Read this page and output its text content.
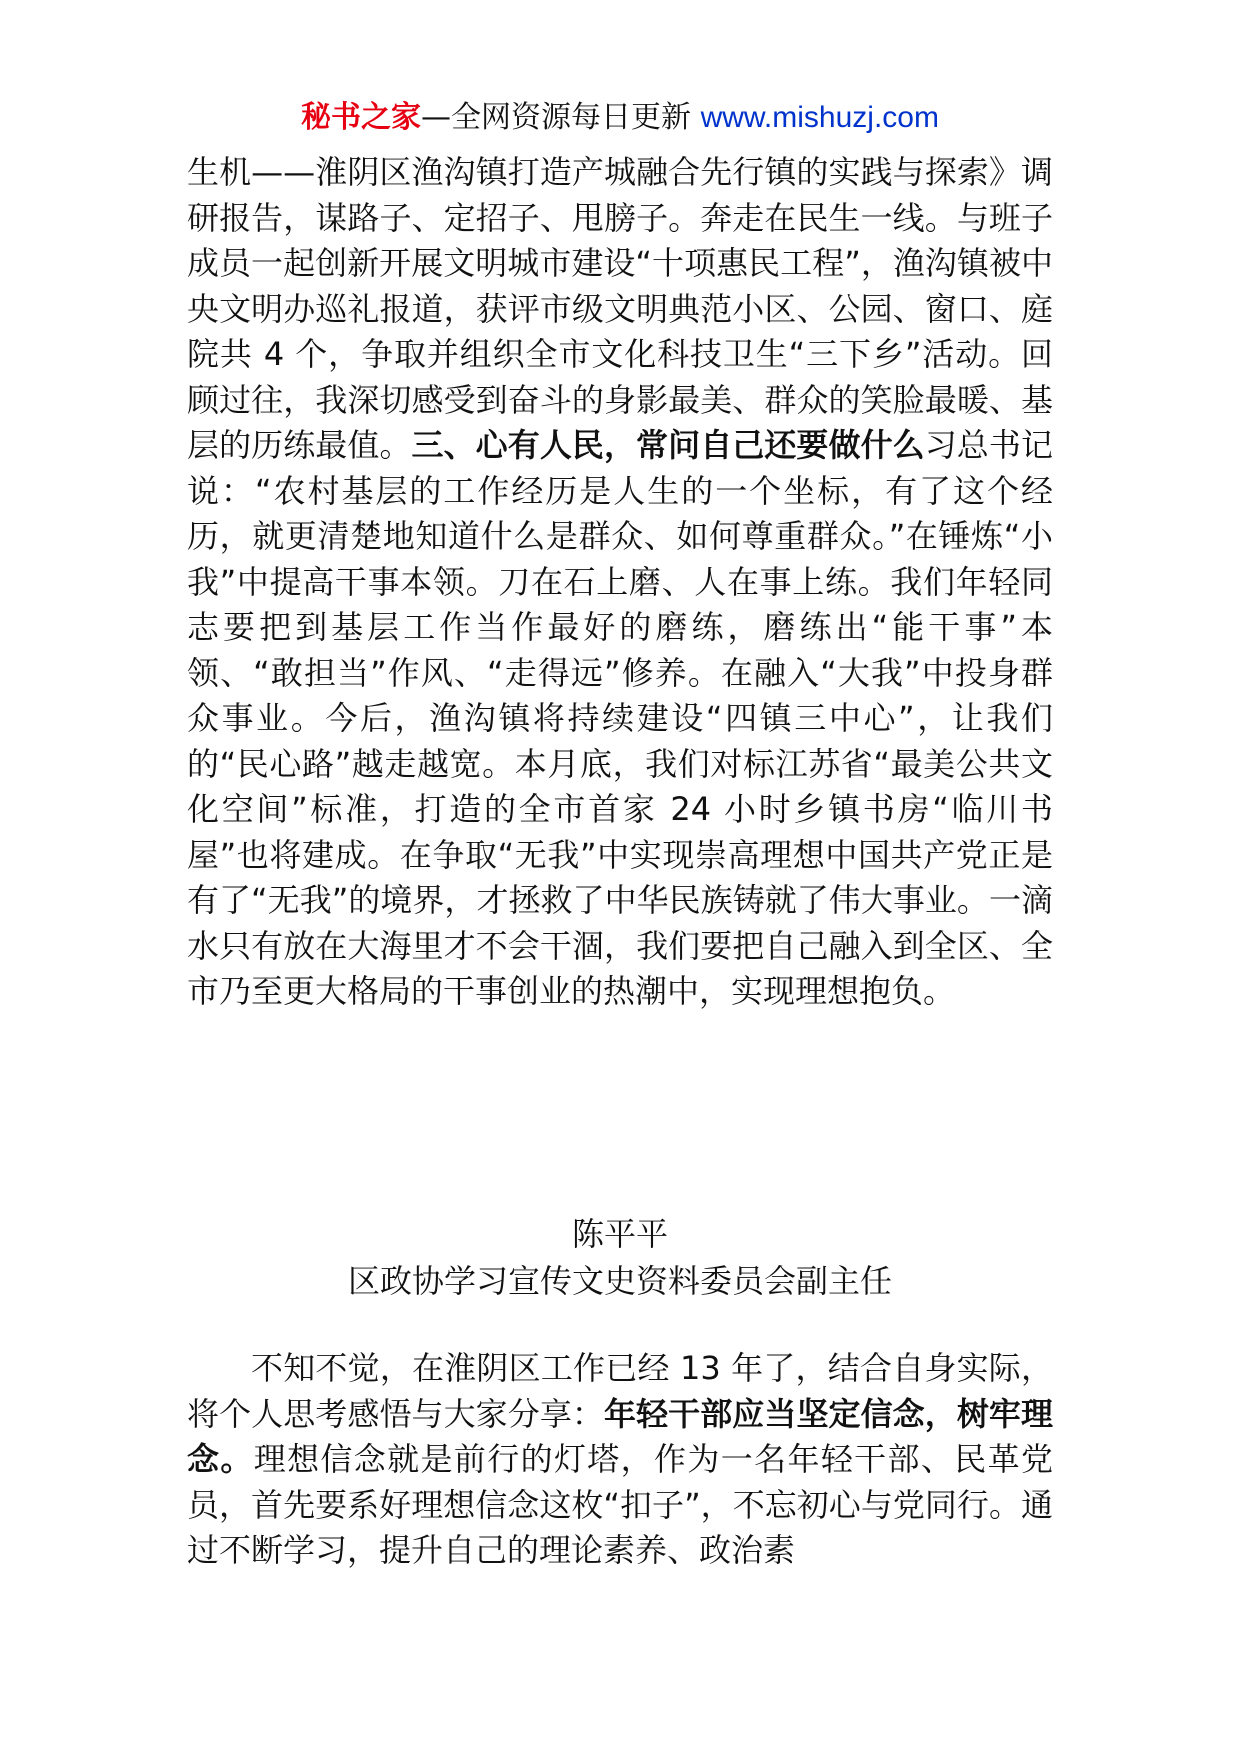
秘书之家—全网资源每日更新 www.mishuzj.com

生机——淮阴区渔沟镇打造产城融合先行镇的实践与探索》调研报告，谋路子、定招子、甩膀子。奔走在民生一线。与班子成员一起创新开展文明城市建设“十项惠民工程”，渔沟镇被中央文明办巡礼报道，获评市级文明典范小区、公园、窗口、庭院共 4 个，争取并组织全市文化科技卫生“三下乡”活动。回顾过往，我深切感受到奋斗的身影最美、群众的笑脸最暖、基层的历练最值。三、心有人民，常问自己还要做什么习总书记说：“农村基层的工作经历是人生的一个坐标，有了这个经历，就更清楚地知道什么是群众、如何尊重群众。”在锤炼“小我”中提高干事本领。刀在石上磨、人在事上练。我们年轻同志要把到基层工作当作最好的磨练，磨练出“能干事”本领、“敢担当”作风、“走得远”修养。在融入“大我”中投身群众事业。今后，渔沟镇将持续建设“四镇三中心”，让我们的“民心路”越走越宽。本月底，我们对标江苏省“最美公共文化空间”标准，打造的全市首家 24 小时乡镇书房“临川书屋”也将建成。在争取“无我”中实现崇高理想中国共产党正是有了“无我”的境界，才拯救了中华民族铸就了伟大事业。一滴水只有放在大海里才不会干涸，我们要把自己融入到全区、全市乃至更大格局的干事创业的热潮中，实现理想抱负。

陈平平
区政协学习宣传文史资料委员会副主任

不知不觉，在淮阴区工作已经 13 年了，结合自身实际，将个人思考感悟与大家分享：年轻干部应当坚定信念，树牢理念。理想信念就是前行的灯塔，作为一名年轻干部、民革党员，首先要系好理想信念这枚“扣子”，不忘初心与党同行。通过不断学习，提升自己的理论素养、政治素
